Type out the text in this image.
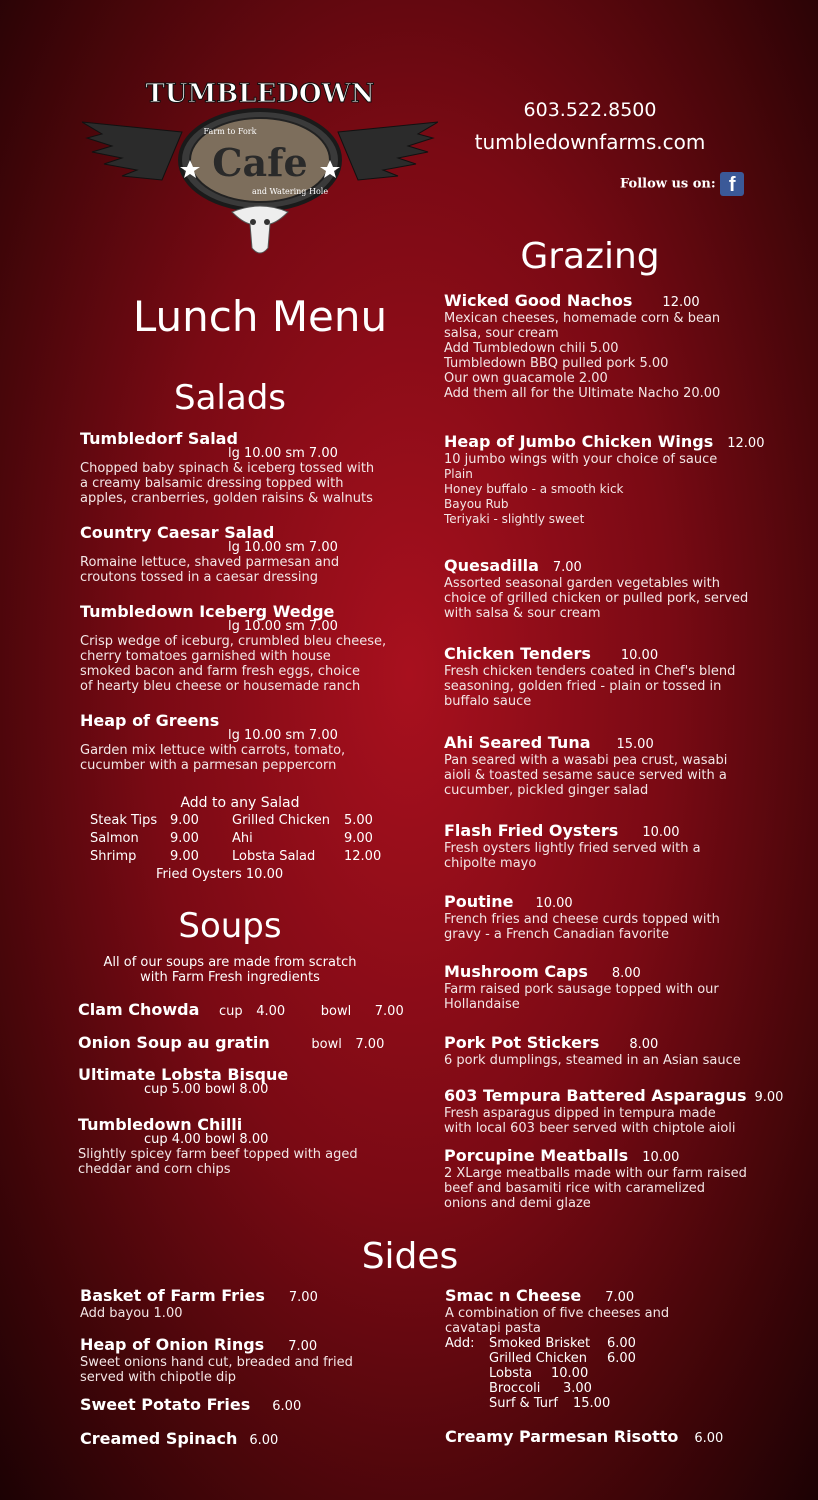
TUMBLEDOWN
Farm to Fork
Cafe
and Watering Hole
603.522.8500
tumbledownfarms.com
Follow us on: f
Lunch Menu
Salads
Grazing
Tumbledorf Salad
lg 10.00 sm 7.00
Chopped baby spinach & iceberg tossed with
a creamy balsamic dressing topped with
apples, cranberries, golden raisins & walnuts
Country Caesar Salad
lg 10.00 sm 7.00
Romaine lettuce, shaved parmesan and
croutons tossed in a caesar dressing
Tumbledown Iceberg Wedge
lg 10.00 sm 7.00
Crisp wedge of iceburg, crumbled bleu cheese,
cherry tomatoes garnished with house
smoked bacon and farm fresh eggs, choice
of hearty bleu cheese or housemade ranch
Heap of Greens
lg 10.00 sm 7.00
Garden mix lettuce with carrots, tomato,
cucumber with a parmesan peppercorn
Add to any Salad
Steak Tips 9.00	Grilled Chicken 5.00
Salmon 9.00	Ahi	9.00
Shrimp	9.00	Lobsta Salad 12.00
Fried Oysters 10.00
Soups
All of our soups are made from scratch
with Farm Fresh ingredients
Clam Chowda cup 4.00	bowl 7.00
Onion Soup au gratin	bowl 7.00
Ultimate Lobsta Bisque
cup 5.00 bowl 8.00
Tumbledown Chilli
cup 4.00 bowl 8.00
Slightly spicey farm beef topped with aged
cheddar and corn chips
Wicked Good Nachos 12.00
Mexican cheeses, homemade corn & bean
salsa, sour cream
Add Tumbledown chili 5.00
Tumbledown BBQ pulled pork 5.00
Our own guacamole 2.00
Add them all for the Ultimate Nacho 20.00
Heap of Jumbo Chicken Wings 12.00
10 jumbo wings with your choice of sauce
Plain
Honey buffalo - a smooth kick
Bayou Rub
Teriyaki - slightly sweet
Quesadilla 7.00
Assorted seasonal garden vegetables with
choice of grilled chicken or pulled pork, served
with salsa & sour cream
Chicken Tenders 10.00
Fresh chicken tenders coated in Chef's blend
seasoning, golden fried - plain or tossed in
buffalo sauce
Ahi Seared Tuna 15.00
Pan seared with a wasabi pea crust, wasabi
aioli & toasted sesame sauce served with a
cucumber, pickled ginger salad
Flash Fried Oysters 10.00
Fresh oysters lightly fried served with a
chipolte mayo
Poutine 10.00
French fries and cheese curds topped with
gravy - a French Canadian favorite
Mushroom Caps 8.00
Farm raised pork sausage topped with our
Hollandaise
Pork Pot Stickers 8.00
6 pork dumplings, steamed in an Asian sauce
603 Tempura Battered Asparagus 9.00
Fresh asparagus dipped in tempura made
with local 603 beer served with chiptole aioli
Porcupine Meatballs 10.00
2 XLarge meatballs made with our farm raised
beef and basamiti rice with caramelized
onions and demi glaze
Sides
Basket of Farm Fries 7.00
Add bayou 1.00
Heap of Onion Rings 7.00
Sweet onions hand cut, breaded and fried
served with chipotle dip
Sweet Potato Fries 6.00
Creamed Spinach 6.00
Smac n Cheese 7.00
A combination of five cheeses and
cavatapi pasta
Add: Smoked Brisket 6.00
Grilled Chicken 6.00
Lobsta 10.00
Broccoli 3.00
Surf & Turf 15.00
Creamy Parmesan Risotto 6.00
